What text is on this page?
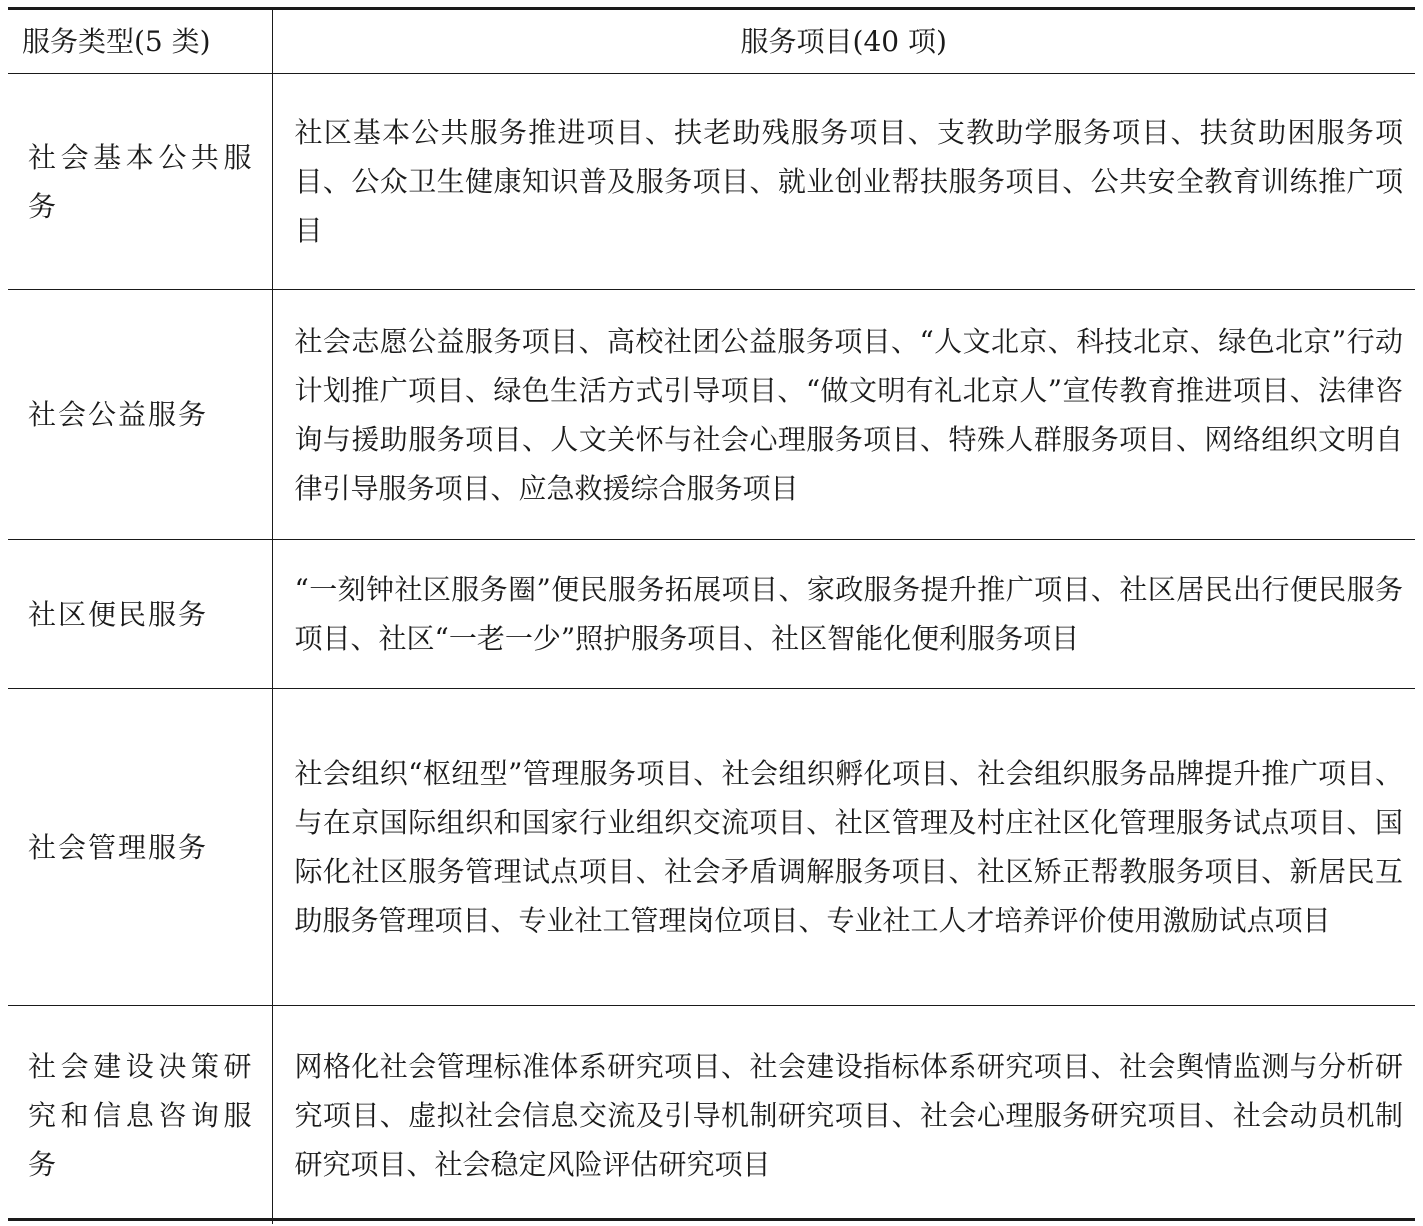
服务类型(5 类)	服务项目(40 项)
社会基本公共服务	社区基本公共服务推进项目、扶老助残服务项目、支教助学服务项目、扶贫助困服务项目、公众卫生健康知识普及服务项目、就业创业帮扶服务项目、公共安全教育训练推广项目
社会公益服务	社会志愿公益服务项目、高校社团公益服务项目、“人文北京、科技北京、绿色北京”行动计划推广项目、绿色生活方式引导项目、“做文明有礼北京人”宣传教育推进项目、法律咨询与援助服务项目、人文关怀与社会心理服务项目、特殊人群服务项目、网络组织文明自律引导服务项目、应急救援综合服务项目
社区便民服务	“一刻钟社区服务圈”便民服务拓展项目、家政服务提升推广项目、社区居民出行便民服务项目、社区“一老一少”照护服务项目、社区智能化便利服务项目
社会管理服务	社会组织“枢纽型”管理服务项目、社会组织孵化项目、社会组织服务品牌提升推广项目、与在京国际组织和国家行业组织交流项目、社区管理及村庄社区化管理服务试点项目、国际化社区服务管理试点项目、社会矛盾调解服务项目、社区矫正帮教服务项目、新居民互助服务管理项目、专业社工管理岗位项目、专业社工人才培养评价使用激励试点项目
社会建设决策研究和信息咨询服务	网格化社会管理标准体系研究项目、社会建设指标体系研究项目、社会舆情监测与分析研究项目、虚拟社会信息交流及引导机制研究项目、社会心理服务研究项目、社会动员机制研究项目、社会稳定风险评估研究项目
